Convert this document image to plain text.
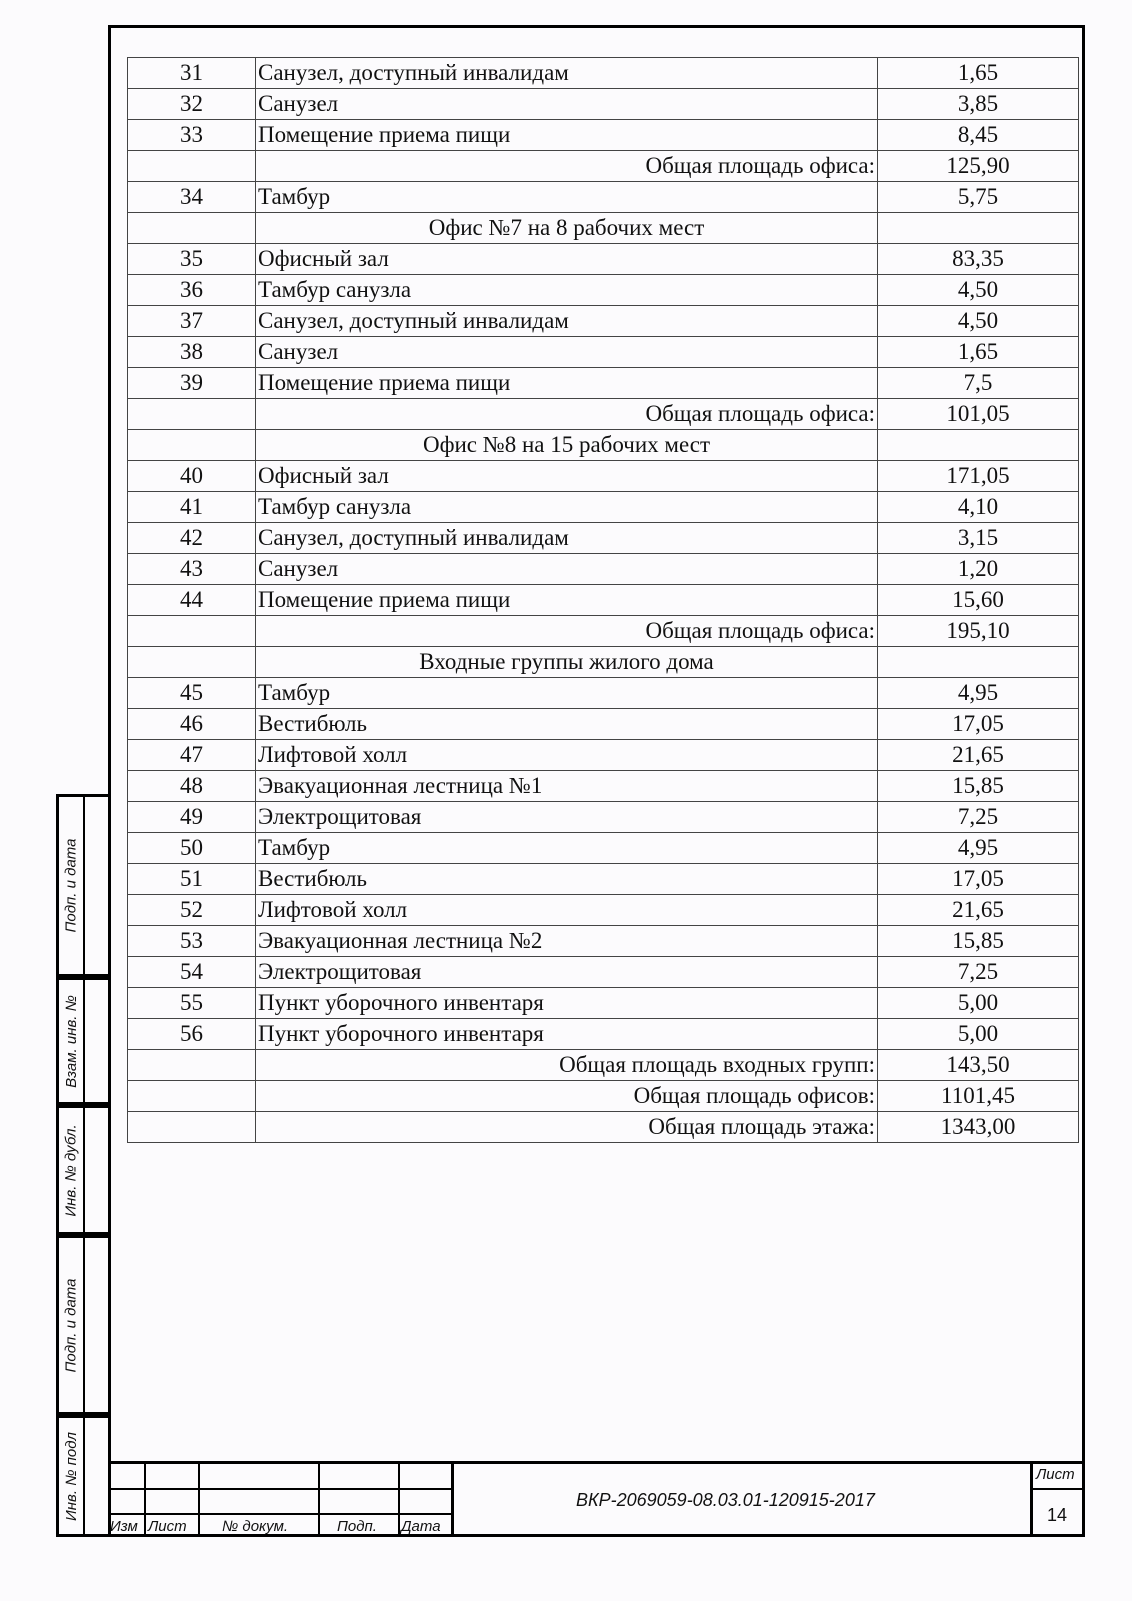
31	Санузел, доступный инвалидам	1,65
32	Санузел	3,85
33	Помещение приема пищи	8,45
	Общая площадь офиса:	125,90
34	Тамбур	5,75
	Офис №7 на 8 рабочих мест	
35	Офисный зал	83,35
36	Тамбур санузла	4,50
37	Санузел, доступный инвалидам	4,50
38	Санузел	1,65
39	Помещение приема пищи	7,5
	Общая площадь офиса:	101,05
	Офис №8 на 15 рабочих мест	
40	Офисный зал	171,05
41	Тамбур санузла	4,10
42	Санузел, доступный инвалидам	3,15
43	Санузел	1,20
44	Помещение приема пищи	15,60
	Общая площадь офиса:	195,10
	Входные группы жилого дома	
45	Тамбур	4,95
46	Вестибюль	17,05
47	Лифтовой холл	21,65
48	Эвакуационная лестница №1	15,85
49	Электрощитовая	7,25
50	Тамбур	4,95
51	Вестибюль	17,05
52	Лифтовой холл	21,65
53	Эвакуационная лестница №2	15,85
54	Электрощитовая	7,25
55	Пункт уборочного инвентаря	5,00
56	Пункт уборочного инвентаря	5,00
	Общая площадь входных групп:	143,50
	Общая площадь офисов:	1101,45
	Общая площадь этажа:	1343,00
Подп. и дата
Взам. инв. №
Инв. № дубл.
Подп. и дата
Инв. № подл
Изм Лист № докум.	Подп. Дата
ВКР-2069059-08.03.01-120915-2017
Лист
14
